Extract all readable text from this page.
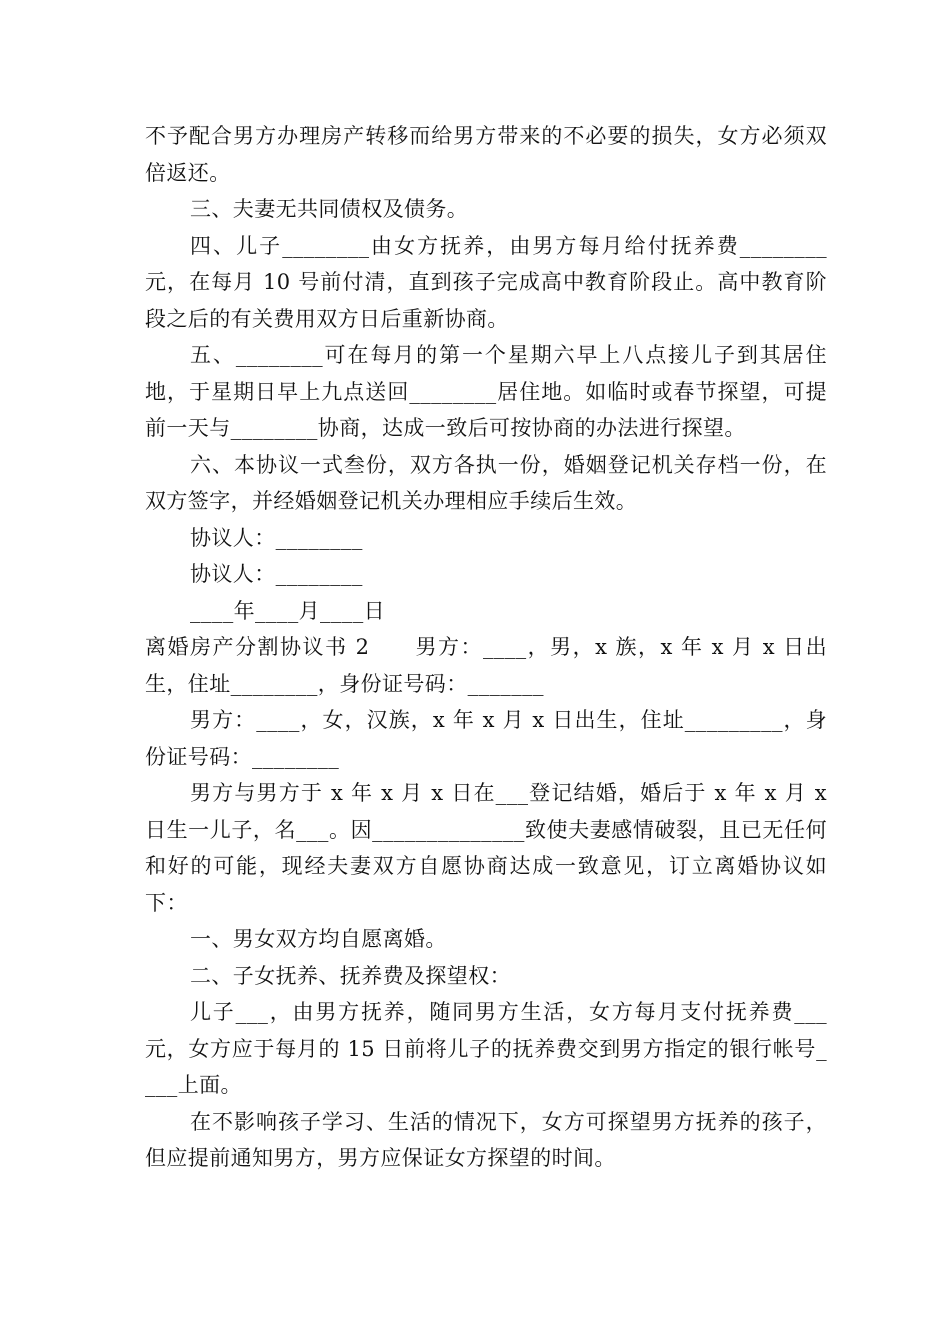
不予配合男方办理房产转移而给男方带来的不必要的损失，女方必须双倍返还。

三、夫妻无共同债权及债务。

四、儿子________由女方抚养，由男方每月给付抚养费________元，在每月 10 号前付清，直到孩子完成高中教育阶段止。高中教育阶段之后的有关费用双方日后重新协商。

五、________可在每月的第一个星期六早上八点接儿子到其居住地，于星期日早上九点送回________居住地。如临时或春节探望，可提前一天与________协商，达成一致后可按协商的办法进行探望。

六、本协议一式叁份，双方各执一份，婚姻登记机关存档一份，在双方签字，并经婚姻登记机关办理相应手续后生效。

协议人：________

协议人：________

____年____月____日

离婚房产分割协议书 2　　男方：____，男，x 族，x 年 x 月 x 日出生，住址________，身份证号码：_______

男方：____，女，汉族，x 年 x 月 x 日出生，住址_________，身份证号码：________

男方与男方于 x 年 x 月 x 日在___登记结婚，婚后于 x 年 x 月 x 日生一儿子，名___。因______________致使夫妻感情破裂，且已无任何和好的可能，现经夫妻双方自愿协商达成一致意见，订立离婚协议如下：

一、男女双方均自愿离婚。

二、子女抚养、抚养费及探望权：

儿子___，由男方抚养，随同男方生活，女方每月支付抚养费___元，女方应于每月的 15 日前将儿子的抚养费交到男方指定的银行帐号____上面。

在不影响孩子学习、生活的情况下，女方可探望男方抚养的孩子，但应提前通知男方，男方应保证女方探望的时间。
